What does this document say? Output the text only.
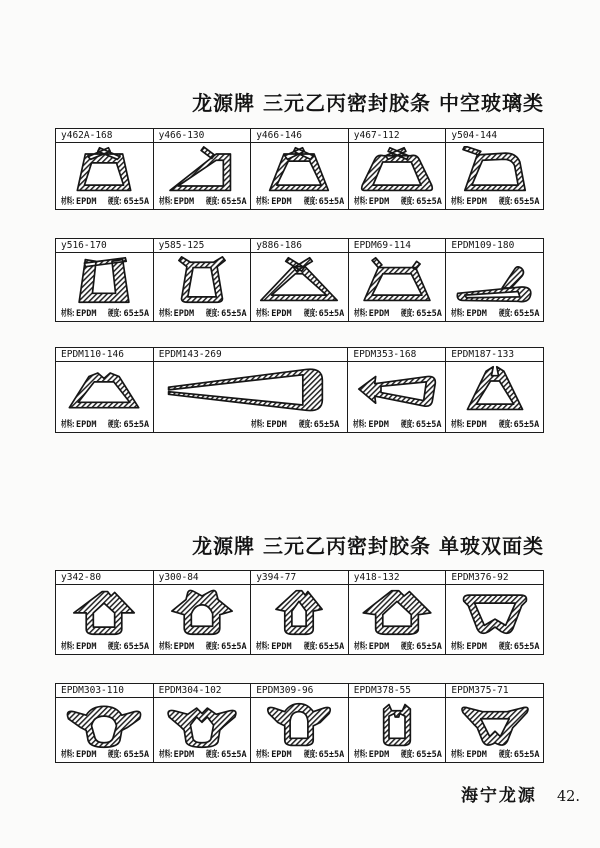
龙源牌 三元乙丙密封胶条 中空玻璃类
y462A-168
材料: EPDM 硬度: 65±5A
y466-130
材料: EPDM 硬度: 65±5A
y466-146
材料: EPDM 硬度: 65±5A
y467-112
材料: EPDM 硬度: 65±5A
y504-144
材料: EPDM 硬度: 65±5A
y516-170
材料: EPDM 硬度: 65±5A
y585-125
材料: EPDM 硬度: 65±5A
y886-186
材料: EPDM 硬度: 65±5A
EPDM69-114
材料: EPDM 硬度: 65±5A
EPDM109-180
材料: EPDM 硬度: 65±5A
EPDM110-146
材料: EPDM 硬度: 65±5A
EPDM143-269
材料: EPDM 硬度: 65±5A
EPDM353-168
材料: EPDM 硬度: 65±5A
EPDM187-133
材料: EPDM 硬度: 65±5A
龙源牌 三元乙丙密封胶条 单玻双面类
y342-80
材料: EPDM 硬度: 65±5A
y300-84
材料: EPDM 硬度: 65±5A
y394-77
材料: EPDM 硬度: 65±5A
y418-132
材料: EPDM 硬度: 65±5A
EPDM376-92
材料: EPDM 硬度: 65±5A
EPDM303-110
材料: EPDM 硬度: 65±5A
EPDM304-102
材料: EPDM 硬度: 65±5A
EPDM309-96
材料: EPDM 硬度: 65±5A
EPDM378-55
材料: EPDM 硬度: 65±5A
EPDM375-71
材料: EPDM 硬度: 65±5A
海宁龙源 42.
